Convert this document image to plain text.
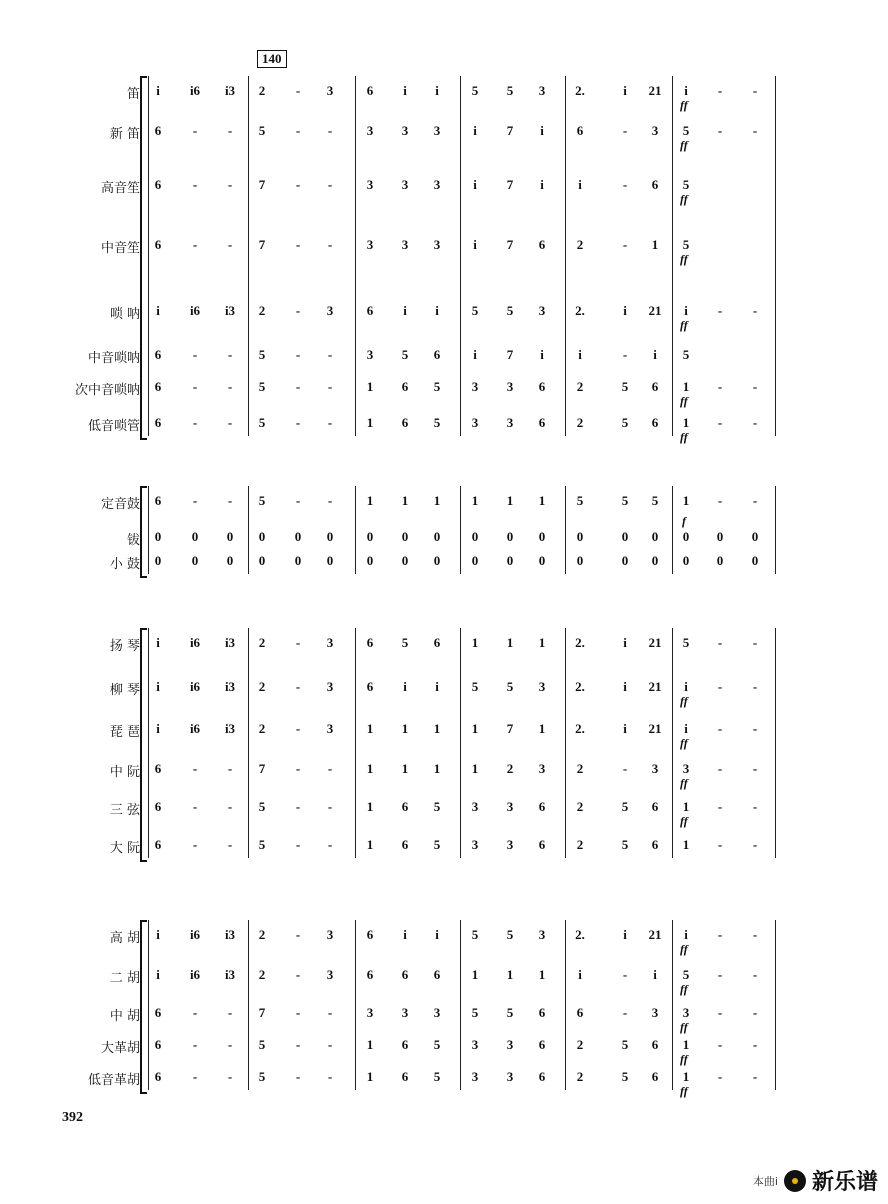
140
笛	i	i6	i3	2	-	3	6	i	i	5	5	3	2.	i	21	i	-	-
ff
新 笛	6	-	-	5	-	-	3	3	3	i	7	i	6	-	3	5	-	-
ff
高音笙	6	-	-	7	-	-	3	3	3	i	7	i	i	-	6	5
ff
中音笙	6	-	-	7	-	-	3	3	3	i	7	6	2	-	1	5
ff
唢 呐	i	i6	i3	2	-	3	6	i	i	5	5	3	2.	i	21	i	-	-
ff
中音唢呐	6	-	-	5	-	-	3	5	6	i	7	i	i	-	i	5
次中音唢呐	6	-	-	5	-	-	1	6	5	3	3	6	2	5	6	1	-	-
ff
低音唢管	6	-	-	5	-	-	1	6	5	3	3	6	2	5	6	1	-	-
ff
定音鼓	6	-	-	5	-	-	1	1	1	1	1	1	5	5	5	1	-	-
f
钹	0	0	0	0	0	0	0	0	0	0	0	0	0	0	0	0	0	0
小 鼓	0	0	0	0	0	0	0	0	0	0	0	0	0	0	0	0	0	0
扬 琴	i	i6	i3	2	-	3	6	5	6	1	1	1	2.	i	21	5	-	-
柳 琴	i	i6	i3	2	-	3	6	i	i	5	5	3	2.	i	21	i	-	-
ff
琵 琶	i	i6	i3	2	-	3	1	1	1	1	7	1	2.	i	21	i	-	-
ff
中 阮	6	-	-	7	-	-	1	1	1	1	2	3	2	-	3	3	-	-
ff
三 弦	6	-	-	5	-	-	1	6	5	3	3	6	2	5	6	1	-	-
ff
大 阮	6	-	-	5	-	-	1	6	5	3	3	6	2	5	6	1	-	-
高 胡	i	i6	i3	2	-	3	6	i	i	5	5	3	2.	i	21	i	-	-
ff
二 胡	i	i6	i3	2	-	3	6	6	6	1	1	1	i	-	i	5	-	-
ff
中 胡	6	-	-	7	-	-	3	3	3	5	5	6	6	-	3	3	-	-
ff
大革胡	6	-	-	5	-	-	1	6	5	3	3	6	2	5	6	1	-	-
ff
低音革胡	6	-	-	5	-	-	1	6	5	3	3	6	2	5	6	1	-	-
ff
392
本曲i 新乐谱
